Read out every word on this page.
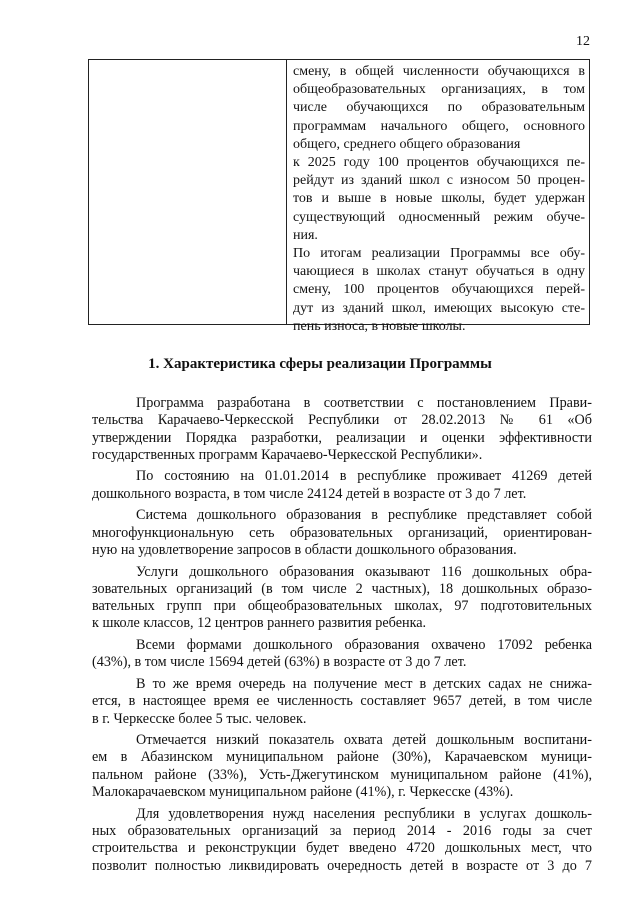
12
смену, в общей численности обучающихся в
общеобразовательных организациях, в том
числе обучающихся по образовательным
программам начального общего, основного
общего, среднего общего образования
к 2025 году 100 процентов обучающихся пе-
рейдут из зданий школ с износом 50 процен-
тов и выше в новые школы, будет удержан
существующий односменный режим обуче-
ния.
По итогам реализации Программы все обу-
чающиеся в школах станут обучаться в одну
смену, 100 процентов обучающихся перей-
дут из зданий школ, имеющих высокую сте-
пень износа, в новые школы.
1. Характеристика сферы реализации Программы
Программа разработана в соответствии с постановлением Прави-
тельства Карачаево-Черкесской Республики от 28.02.2013 № 61 «Об
утверждении Порядка разработки, реализации и оценки эффективности
государственных программ Карачаево-Черкесской Республики».
По состоянию на 01.01.2014 в республике проживает 41269 детей
дошкольного возраста, в том числе 24124 детей в возрасте от 3 до 7 лет.
Система дошкольного образования в республике представляет собой
многофункциональную сеть образовательных организаций, ориентирован-
ную на удовлетворение запросов в области дошкольного образования.
Услуги дошкольного образования оказывают 116 дошкольных обра-
зовательных организаций (в том числе 2 частных), 18 дошкольных образо-
вательных групп при общеобразовательных школах, 97 подготовительных
к школе классов, 12 центров раннего развития ребенка.
Всеми формами дошкольного образования охвачено 17092 ребенка
(43%), в том числе 15694 детей (63%) в возрасте от 3 до 7 лет.
В то же время очередь на получение мест в детских садах не снижа-
ется, в настоящее время ее численность составляет 9657 детей, в том числе
в г. Черкесске более 5 тыс. человек.
Отмечается низкий показатель охвата детей дошкольным воспитани-
ем в Абазинском муниципальном районе (30%), Карачаевском муници-
пальном районе (33%), Усть-Джегутинском муниципальном районе (41%),
Малокарачаевском муниципальном районе (41%), г. Черкесске (43%).
Для удовлетворения нужд населения республики в услугах дошколь-
ных образовательных организаций за период 2014 - 2016 годы за счет
строительства и реконструкции будет введено 4720 дошкольных мест, что
позволит полностью ликвидировать очередность детей в возрасте от 3 до 7
